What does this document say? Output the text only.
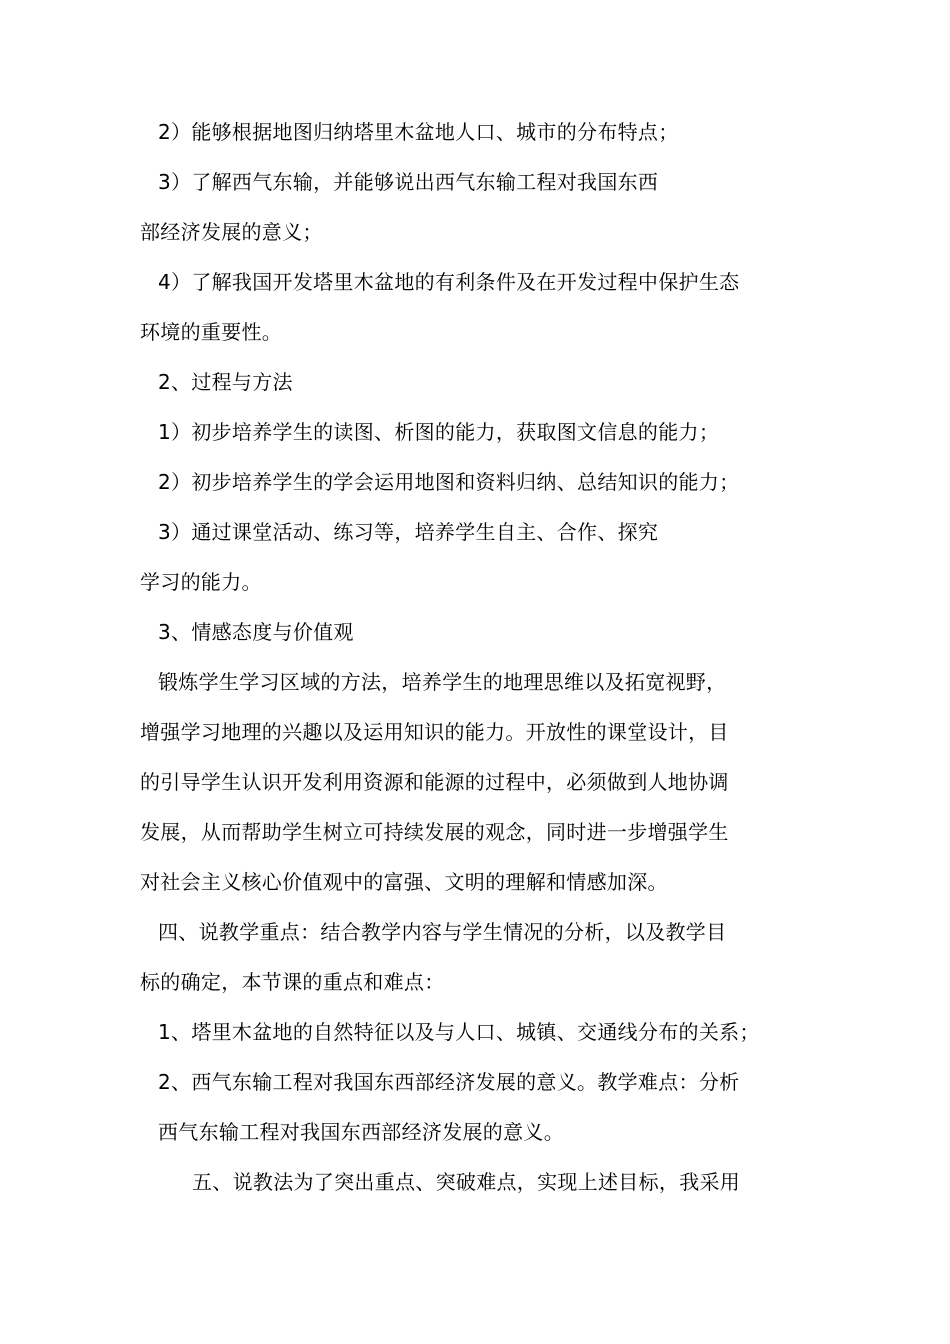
2）能够根据地图归纳塔里木盆地人口、城市的分布特点；
3）了解西气东输，并能够说出西气东输工程对我国东西
部经济发展的意义；
4）了解我国开发塔里木盆地的有利条件及在开发过程中保护生态
环境的重要性。
2、过程与方法
1）初步培养学生的读图、析图的能力，获取图文信息的能力；
2）初步培养学生的学会运用地图和资料归纳、总结知识的能力；
3）通过课堂活动、练习等，培养学生自主、合作、探究
学习的能力。
3、情感态度与价值观
锻炼学生学习区域的方法，培养学生的地理思维以及拓宽视野，
增强学习地理的兴趣以及运用知识的能力。开放性的课堂设计，目
的引导学生认识开发利用资源和能源的过程中，必须做到人地协调
发展，从而帮助学生树立可持续发展的观念，同时进一步增强学生
对社会主义核心价值观中的富强、文明的理解和情感加深。
四、说教学重点：结合教学内容与学生情况的分析，以及教学目
标的确定，本节课的重点和难点：
1、塔里木盆地的自然特征以及与人口、城镇、交通线分布的关系；
2、西气东输工程对我国东西部经济发展的意义。教学难点：分析
西气东输工程对我国东西部经济发展的意义。
五、说教法为了突出重点、突破难点，实现上述目标，我采用
